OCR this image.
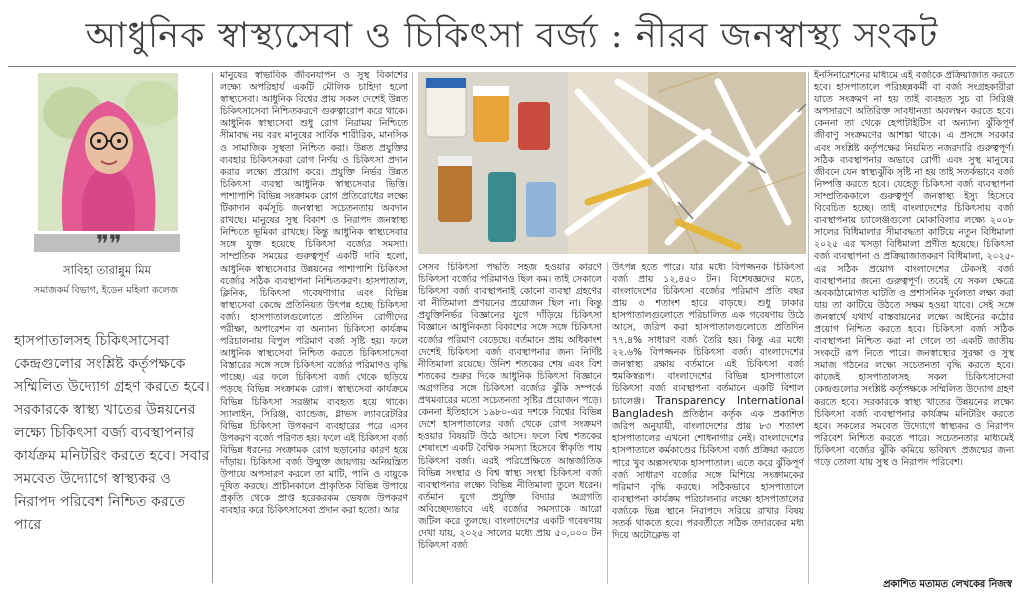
আধুনিক স্বাস্থ্যসেবা ও চিকিৎসা বর্জ্য : নীরব জনস্বাস্থ্য সংকট
❞❞
সাবিহা তারান্নুম মিম
সমাজকর্ম বিভাগ, ইডেন মহিলা কলেজ
হাসপাতালসহ চিকিৎসাসেবা কেন্দ্রগুলোর সংশ্লিষ্ট কর্তৃপক্ষকে সম্মিলিত উদ্যোগ গ্রহণ করতে হবে। সরকারকে স্বাস্থ্য খাতের উন্নয়নের লক্ষ্যে চিকিৎসা বর্জ্য ব্যবস্থাপনার কার্যক্রম মনিটরিং করতে হবে। সবার সমবেত উদ্যোগে স্বাস্থ্যকর ও নিরাপদ পরিবেশ নিশ্চিত করতে পারে
মানুষের স্বাভাবিক জীবনযাপন ও সুস্থ বিকাশের লক্ষ্যে অপরিহার্য একটি মৌলিক চাহিদা হলো স্বাস্থ্যসেবা। আধুনিক বিশ্বের প্রায় সকল দেশেই উন্নত চিকিৎসাসেবা নিশ্চিতকরণে গুরুত্বারোপ করে থাকে। আধুনিক স্বাস্থ্যসেবা শুধু রোগ নিরাময় নিশ্চিতে সীমাবদ্ধ নয় বরং মানুষের সার্বিক শারীরিক, মানসিক ও সামাজিক সুস্থতা নিশ্চিত করা। উন্নত প্রযুক্তির ব্যবহার চিকিৎসকরা রোগ নির্ণয় ও চিকিৎসা প্রদান করার লক্ষ্যে প্রয়োগ করে। প্রযুক্তি নির্ভর উন্নত চিকিৎসা ব্যবস্থা আধুনিক স্বাস্থ্যসেবার ভিত্তি। পাশাপাশি বিভিন্ন সংক্রামক রোগ প্রতিরোধের লক্ষ্যে টিকাদান কর্মসূচি জনস্বাস্থ্য সচেতনতায় অবদান রাখছে। মানুষের সুস্থ বিকাশ ও নিরাপদ জনস্বাস্থ্য নিশ্চিতে ভূমিকা রাখছে। কিন্তু আধুনিক স্বাস্থ্যসেবার সঙ্গে যুক্ত হয়েছে চিকিৎসা বর্জ্যের সমস্যা। সাম্প্রতিক সময়ের গুরুত্বপূর্ণ একটি দাবি হলো, আধুনিক স্বাস্থ্যসেবার উন্নয়নের পাশাপাশি চিকিৎসা বর্জ্যের সঠিক ব্যবস্থাপনা নিশ্চিতকরণ। হাসপাতাল, ক্লিনিক, চিকিৎসা গবেষণাগার এবং বিভিন্ন স্বাস্থ্যসেবা কেন্দ্রে প্রতিনিয়ত উৎপন্ন হচ্ছে চিকিৎসা বর্জ্য। হাসপাতালগুলোতে প্রতিদিন রোগীদের পরীক্ষা, অপারেশন বা অন্যান্য চিকিৎসা কার্যক্রম পরিচালনায় বিপুল পরিমাণ বর্জ্য সৃষ্টি হয়। ফলে আধুনিক স্বাস্থ্যসেবা নিশ্চিত করতে চিকিৎসাসেবা বিস্তারের সঙ্গে সঙ্গে চিকিৎসা বর্জ্যের পরিমাণও বৃদ্ধি পাচ্ছে। এর ফলে চিকিৎসা বর্জ্য থেকে ছড়িয়ে পড়ছে বিভিন্ন সংক্রামক রোগ। স্বাস্থ্যসেবা কার্যক্রমে বিভিন্ন চিকিৎসা সরঞ্জাম ব্যবহৃত হয়ে থাকে। স্যালাইন, সিরিঞ্জ, ব্যান্ডেজ, গ্লাভস ল্যাবরেটরির বিভিন্ন চিকিৎসা উপকরণ ব্যবহারের পরে এসব উপকরণ বর্জ্যে পরিণত হয়। ফলে এই চিকিৎসা বর্জ্য বিভিন্ন ধরনের সংক্রামক রোগ ছড়ানোর কারণ হয়ে দাঁড়ায়। চিকিৎসা বর্জ্য উন্মুক্ত জায়গায় অনিয়ন্ত্রিত উপায়ে অপসারণ করলে তা মাটি, পানি ও বায়ুকে দূষিত করছে। প্রাচীনকালে প্রাকৃতিক বিভিন্ন উপায়ে প্রকৃতি থেকে প্রাপ্ত হরেকরকম ভেষজ উপকরণ ব্যবহার করে চিকিৎসাসেবা প্রদান করা হতো। আর
সেসব চিকিৎসা পদ্ধতি সহজ হওয়ার কারণে চিকিৎসা বর্জ্যের পরিমাণও ছিল কম। তাই সেকালে চিকিৎসা বর্জ্য ব্যবস্থাপনাই কোনো ব্যবস্থা গ্রহণের বা নীতিমালা প্রণয়নের প্রয়োজন ছিল না। কিন্তু প্রযুক্তিনির্ভর বিজ্ঞানের যুগে দাঁড়িয়ে চিকিৎসা বিজ্ঞানে আধুনিকতা বিকাশের সঙ্গে সঙ্গে চিকিৎসা বর্জ্যের পরিমাণ বেড়েছে। বর্তমানে প্রায় অধিকাংশ দেশেই চিকিৎসা বর্জ্য ব্যবস্থাপনার জন্য নির্দিষ্ট নীতিমালা রয়েছে। উনিশ শতকের শেষ এবং বিশ শতকের শুরুর দিকে আধুনিক চিকিৎসা বিজ্ঞানে অগ্রগতির সঙ্গে চিকিৎসা বর্জ্যের ঝুঁকি সম্পর্কে প্রথমবারের মতো সচেতনতা সৃষ্টির প্রয়োজন পড়ে। কেননা ইতিহাসে ১৯৮০-এর দশকে বিশ্বের বিভিন্ন দেশে হাসপাতালের বর্জ্য থেকে রোগ সংক্রমণ হওয়ার বিষয়টি উঠে আসে। ফলে বিশ্ব শতকের শেষাংশে একটি বৈশ্বিক সমস্যা হিসেবে স্বীকৃতি পায় চিকিৎসা বর্জ্য। এরই পরিপ্রেক্ষিতে আন্তর্জাতিক বিভিন্ন সংস্থার ও বিশ্ব স্বাস্থ্য সংস্থা চিকিৎসা বর্জ্য ব্যবস্থাপনার লক্ষ্যে বিভিন্ন নীতিমালা তুলে ধরেন। বর্তমান যুগে প্রযুক্তি বিদ্যার অগ্রগতি অবিচ্ছেদ্যভাবে এই বর্জ্যের সমস্যাকে আরো জটিল করে তুলছে। বাংলাদেশের একটি গবেষণায় দেখা যায়, ২০২৫ সালের মধ্যে প্রায় ৫০,০০০ টন চিকিৎসা বর্জ্য
উৎপন্ন হতে পারে। যার মধ্যে বিপজ্জনক চিকিৎসা বর্জ্য প্রায় ১২,৪৫০ টন। বিশেষজ্ঞদের মতে, বাংলাদেশের চিকিৎসা বর্জ্যের পরিমাণ প্রতি বছর প্রায় ৩ শতাংশ হারে বাড়ছে। শুধু ঢাকার হাসপাতালগুলোতে পরিচালিত এক গবেষণায় উঠে আসে, জরিপ করা হাসপাতালগুলোতে প্রতিদিন ৭৭.৪% সাধারণ বর্জ্য তৈরি হয়। কিন্তু এর মধ্যে ২২.৬% বিপজ্জনক চিকিৎসা বর্জ্য। বাংলাদেশের জনস্বাস্থ্য রক্ষায় বর্তমানে এই চিকিৎসা বর্জ্য হুমকিস্বরূপ। বাংলাদেশের বিভিন্ন হাসপাতালে চিকিৎসা বর্জ্য ব্যবস্থাপনা বর্তমানে একটি বিশাল চ্যালেঞ্জ। Transparency International Bangladesh প্রতিষ্ঠান কর্তৃক এক প্রকাশিত জরিপ অনুযায়ী, বাংলাদেশের প্রায় ৮৩ শতাংশ হাসপাতালের এখনো শোধনাগার নেই। বাংলাদেশের হাসপাতালে কর্মকাণ্ডের চিকিৎসা বর্জ্য প্রক্রিয়া করতে পারে খুব অল্পসংখ্যক হাসপাতাল। এতে করে ঝুঁকিপূর্ণ বর্জ্য সাধারণ বর্জ্যের সঙ্গে মিশিয়ে সংক্রামকের পরিমাণ বৃদ্ধি করছে। সঠিকভাবে হাসপাতালে ব্যবস্থাপনা কার্যক্রম পরিচালনার লক্ষ্যে হাসপাতালের বর্জ্যকে ভিন্ন স্থানে নিরাপদে সরিয়ে রাখার বিষয় সতর্ক থাকতে হবে। পরবর্তীতে সঠিক তদারকের মধ্য দিয়ে অটোক্লেভ বা
ইনসিনারেশনের মাধ্যমে এই বর্জ্যকে প্রক্রিয়াজাত করতে হবে। হাসপাতালে পরিচ্ছন্নকর্মী বা বর্জ্য সংগ্রহকারীরা যাতে সংক্রমণ না হয় তাই ব্যবহৃত সুচ বা সিরিঞ্জ অপসারণে অতিরিক্ত সাবধানতা অবলম্বন করতে হবে। কেননা তা থেকে হেপাটাইটিস বা অন্যান্য ঝুঁকিপূর্ণ জীবাণু সংক্রমণের আশঙ্কা থাকে। এ প্রসঙ্গে সরকার এবং সংশ্লিষ্ট কর্তৃপক্ষের নিয়মিত নজরদারি গুরুত্বপূর্ণ। সঠিক ব্যবস্থাপনার অভাবে রোগী এবং সুস্থ মানুষের জীবনে যেন স্বাস্থ্যঝুঁকি সৃষ্টি না হয় তাই সতর্কভাবে বর্জ্য নিষ্পত্তি করতে হবে। যেহেতু চিকিৎসা বর্জ্য ব্যবস্থাপনা সাম্প্রতিককালে গুরুত্বপূর্ণ জনস্বাস্থ্য ইস্যু হিসেবে বিবেচিত হচ্ছে। তাই বাংলাদেশের চিকিৎসায় বর্জ্য ব্যবস্থাপনায় চ্যালেঞ্জগুলো মোকাবিলার লক্ষ্যে ২০০৮ সালের বিধিমালার সীমাবদ্ধতা কাটিয়ে নতুন বিধিমালা ২০২৫ এর খসড়া বিধিমালা প্রণীত হয়েছে। চিকিৎসা বর্জ্য ব্যবস্থাপনা ও প্রক্রিয়াজাতকরণ বিধিমালা, ২০২৫-এর সঠিক প্রয়োগ বাংলাদেশের টেকসই বর্জ্য ব্যবস্থাপনার জন্যে গুরুত্বপূর্ণ। তবেই যে সকল ক্ষেত্রে অবকাঠামোগত ঘাটতি ও প্রশাসনিক দুর্বলতা লক্ষ্য করা যায় তা কাটিয়ে উঠতে সক্ষম হওয়া যাবে। সেই সঙ্গে জনস্বার্থে যথার্থ বাস্তবায়নের লক্ষ্যে আইনের কঠোর প্রয়োগ নিশ্চিত করতে হবে। চিকিৎসা বর্জ্য সঠিক ব্যবস্থাপনা নিশ্চিত করা না গেলে তা একটি জাতীয় সংকটে রূপ নিতে পারে। জনস্বাস্থ্যের সুরক্ষা ও সুস্থ সমাজ গঠনের লক্ষ্যে সচেতনতা বৃদ্ধি করতে হবে। কাজেই হাসপাতালসহ সকল চিকিৎসাসেবা কেন্দ্রগুলোর সংশ্লিষ্ট কর্তৃপক্ষকে সম্মিলিত উদ্যোগ গ্রহণ করতে হবে। সরকারকে স্বাস্থ্য খাতের উন্নয়নের লক্ষ্যে চিকিৎসা বর্জ্য ব্যবস্থাপনার কার্যক্রম মনিটরিং করতে হবে। সকলের সমবেত উদ্যোগে স্বাস্থ্যকর ও নিরাপদ পরিবেশ নিশ্চিত করতে পারে। সচেতনতার মাধ্যমেই চিকিৎসা বর্জ্যের ঝুঁকি কমিয়ে ভবিষ্যৎ প্রজন্মের জন্য গড়ে তোলা যায় সুস্থ ও নিরাপদ পরিবেশ।
প্রকাশিত মতামত লেখকের নিজস্ব
